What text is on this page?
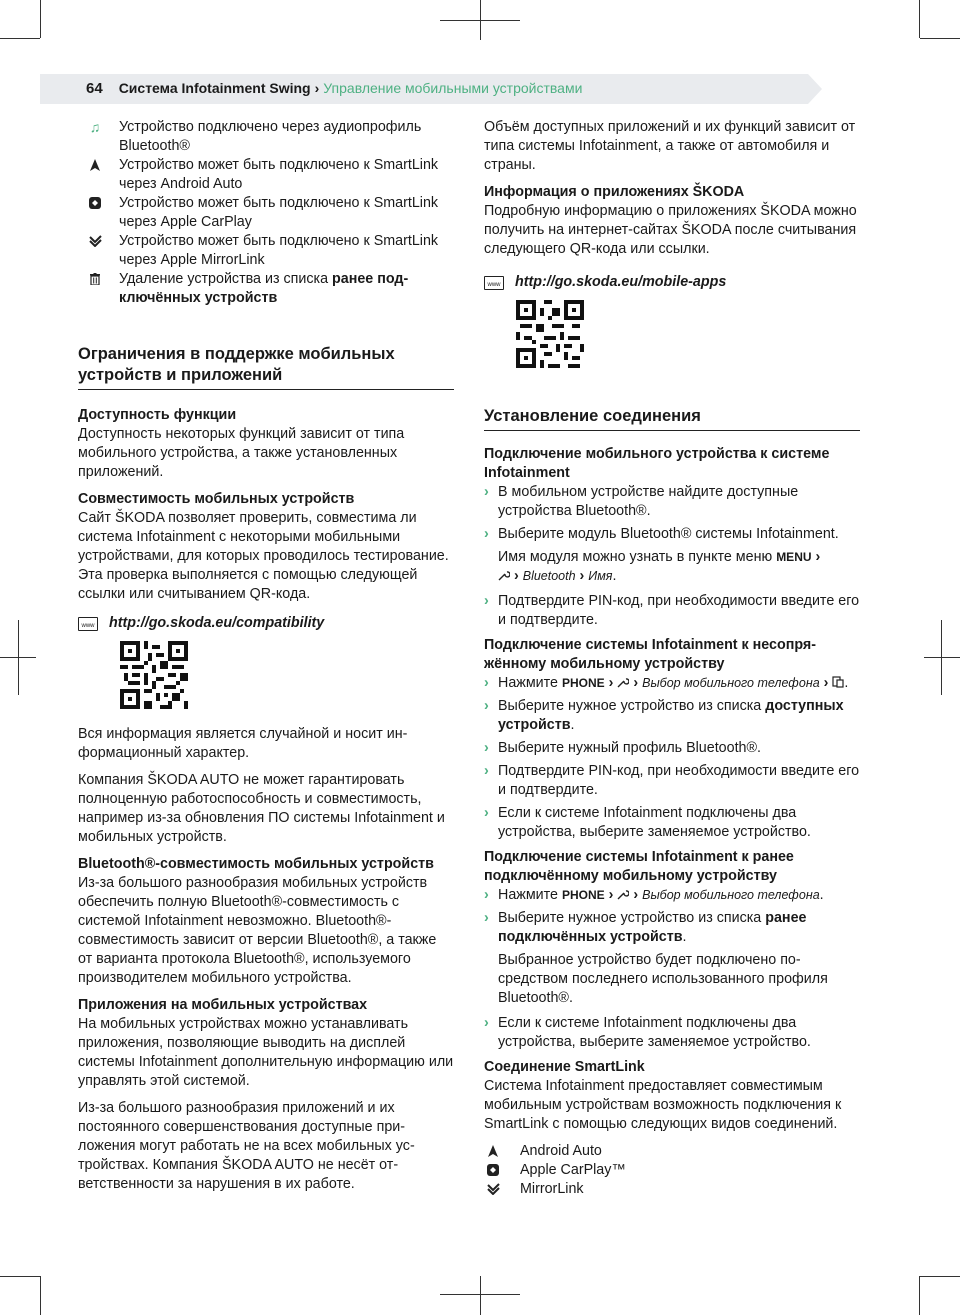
64 Система Infotainment Swing › Управление мобильными устройствами
♫ Устройство подключено через аудиопрофиль Bluetooth®
Устройство может быть подключено к SmartLink через Android Auto
Устройство может быть подключено к SmartLink через Apple CarPlay
Устройство может быть подключено к SmartLink через Apple MirrorLink
Удаление устройства из списка ранее подключённых устройств
Ограничения в поддержке мобильных устройств и приложений
Доступность функции

Доступность некоторых функций зависит от типа мобильного устройства, а также установленных приложений.

Совместимость мобильных устройств

Сайт ŠKODA позволяет проверить, совместима ли система Infotainment с некоторыми мобильными устройствами, для которых проводилось тестирование. Эта проверка выполняется с помощью следующей ссылки или считыванием QR-кода.

www http://go.skoda.eu/compatibility

Вся информация является случайной и носит информационный характер.

Компания ŠKODA AUTO не может гарантировать полноценную работоспособность и совместимость, например из-за обновления ПО системы Infotainment и мобильных устройств.

Bluetooth®-совместимость мобильных устройств

Из-за большого разнообразия мобильных устройств обеспечить полную Bluetooth®-совместимость с системой Infotainment невозможно. Bluetooth®-совместимость зависит от версии Bluetooth®, а также от варианта протокола Bluetooth®, используемого производителем мобильного устройства.

Приложения на мобильных устройствах

На мобильных устройствах можно устанавливать приложения, позволяющие выводить на дисплей системы Infotainment дополнительную информацию или управлять этой системой.

Из-за большого разнообразия приложений и их постоянного совершенствования доступные приложения могут работать не на всех мобильных устройствах. Компания ŠKODA AUTO не несёт ответственности за нарушения в их работе.

Объём доступных приложений и их функций зависит от типа системы Infotainment, а также от автомобиля и страны.

Информация о приложениях ŠKODA

Подробную информацию о приложениях ŠKODA можно получить на интернет-сайтах ŠKODA после считывания следующего QR-кода или ссылки.

www http://go.skoda.eu/mobile-apps
Установление соединения
Подключение мобильного устройства к системе Infotainment
› В мобильном устройстве найдите доступные устройства Bluetooth®.
› Выберите модуль Bluetooth® системы Infotainment.
Имя модуля можно узнать в пункте меню MENU ›
› Bluetooth › Имя.
› Подтвердите PIN-код, при необходимости введите его и подтвердите.
Подключение системы Infotainment к несопряжённому мобильному устройству
› Нажмите PHONE › › Выбор мобильного телефона › .
› Выберите нужное устройство из списка доступных устройств.
› Выберите нужный профиль Bluetooth®.
› Подтвердите PIN-код, при необходимости введите его и подтвердите.
› Если к системе Infotainment подключены два устройства, выберите заменяемое устройство.
Подключение системы Infotainment к ранее подключённому мобильному устройству
› Нажмите PHONE › › Выбор мобильного телефона.
› Выберите нужное устройство из списка ранее подключённых устройств.
Выбранное устройство будет подключено посредством последнего использованного профиля Bluetooth®.
› Если к системе Infotainment подключены два устройства, выберите заменяемое устройство.
Соединение SmartLink

Система Infotainment предоставляет совместимым мобильным устройствам возможность подключения к SmartLink с помощью следующих видов соединений.

Android Auto
Apple CarPlay™
MirrorLink
